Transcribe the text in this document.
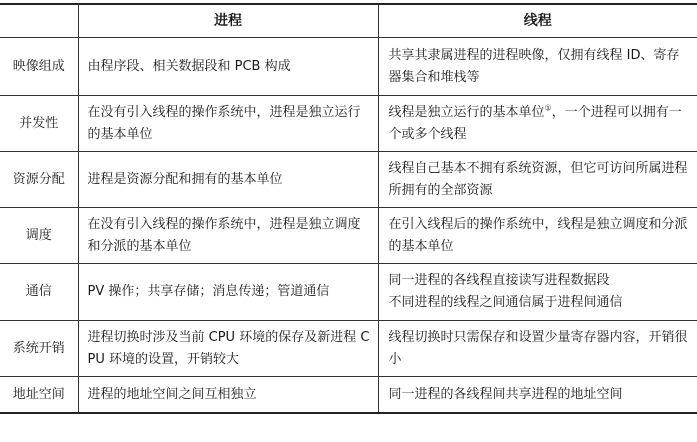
	进程	线程
映像组成	由程序段、相关数据段和 PCB 构成	共享其隶属进程的进程映像，仅拥有线程 ID、寄存器集合和堆栈等
并发性	在没有引入线程的操作系统中，进程是独立运行的基本单位	线程是独立运行的基本单位①，一个进程可以拥有一个或多个线程
资源分配	进程是资源分配和拥有的基本单位	线程自己基本不拥有系统资源，但它可访问所属进程所拥有的全部资源
调度	在没有引入线程的操作系统中，进程是独立调度和分派的基本单位	在引入线程后的操作系统中，线程是独立调度和分派的基本单位
通信	PV 操作；共享存储；消息传递；管道通信	同一进程的各线程直接读写进程数据段
不同进程的线程之间通信属于进程间通信

系统开销	进程切换时涉及当前 CPU 环境的保存及新进程 CPU 环境的设置，开销较大	线程切换时只需保存和设置少量寄存器内容，开销很小
地址空间	进程的地址空间之间互相独立	同一进程的各线程间共享进程的地址空间
